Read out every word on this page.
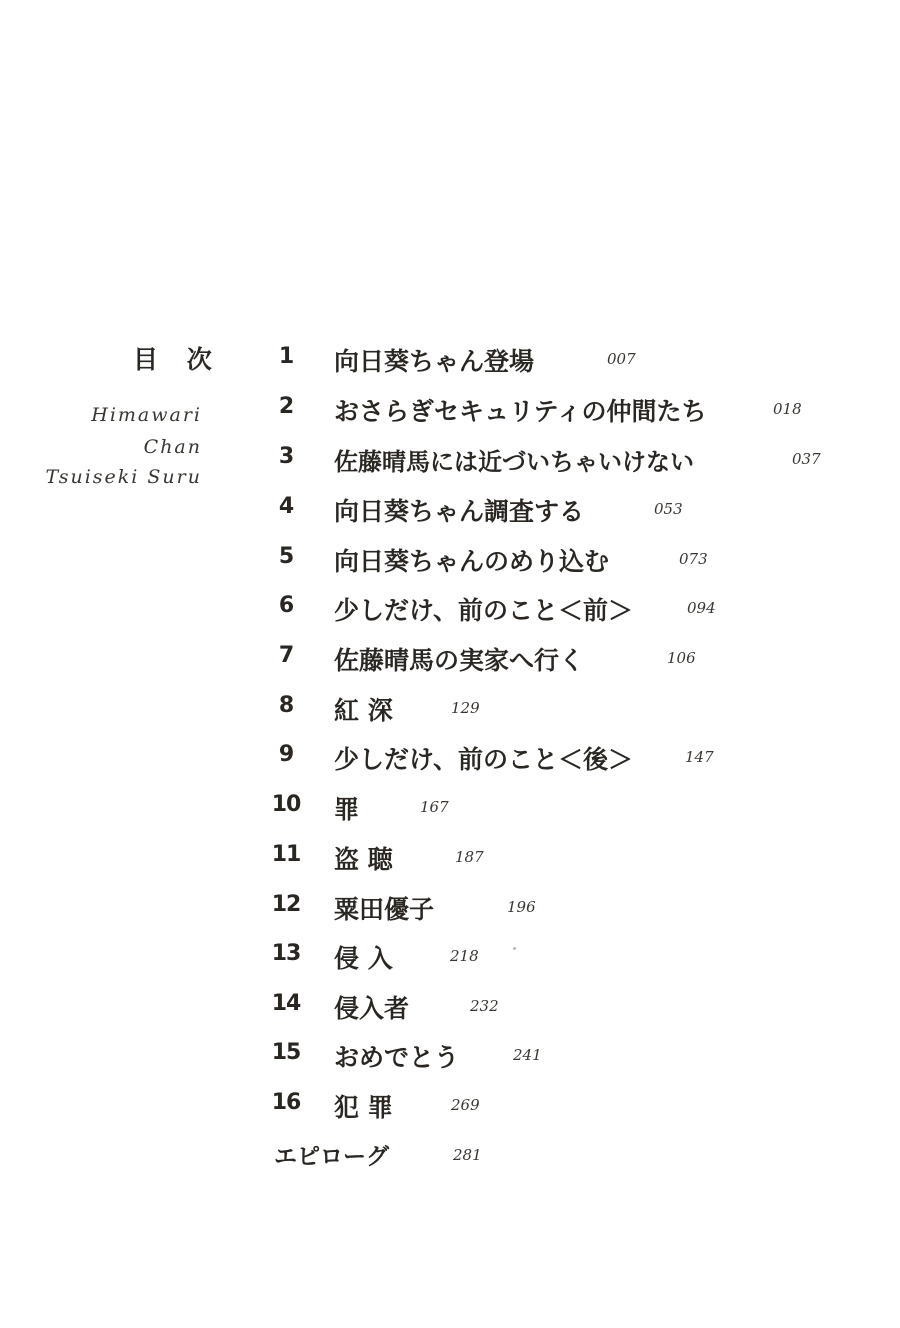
目 次
Himawari
Chan
Tsuiseki Suru
1	向日葵ちゃん登場	007
2	おさらぎセキュリティの仲間たち	018
3	佐藤晴馬には近づいちゃいけない	037
4	向日葵ちゃん調査する	053
5	向日葵ちゃんのめり込む	073
6	少しだけ、前のこと＜前＞	094
7	佐藤晴馬の実家へ行く	106
8	紅 深	129
9	少しだけ、前のこと＜後＞	147
10	罪	167
11	盗 聴	187
12	粟田優子	196
13	侵 入	218
14	侵入者	232
15	おめでとう	241
16	犯 罪	269
エピローグ	281
